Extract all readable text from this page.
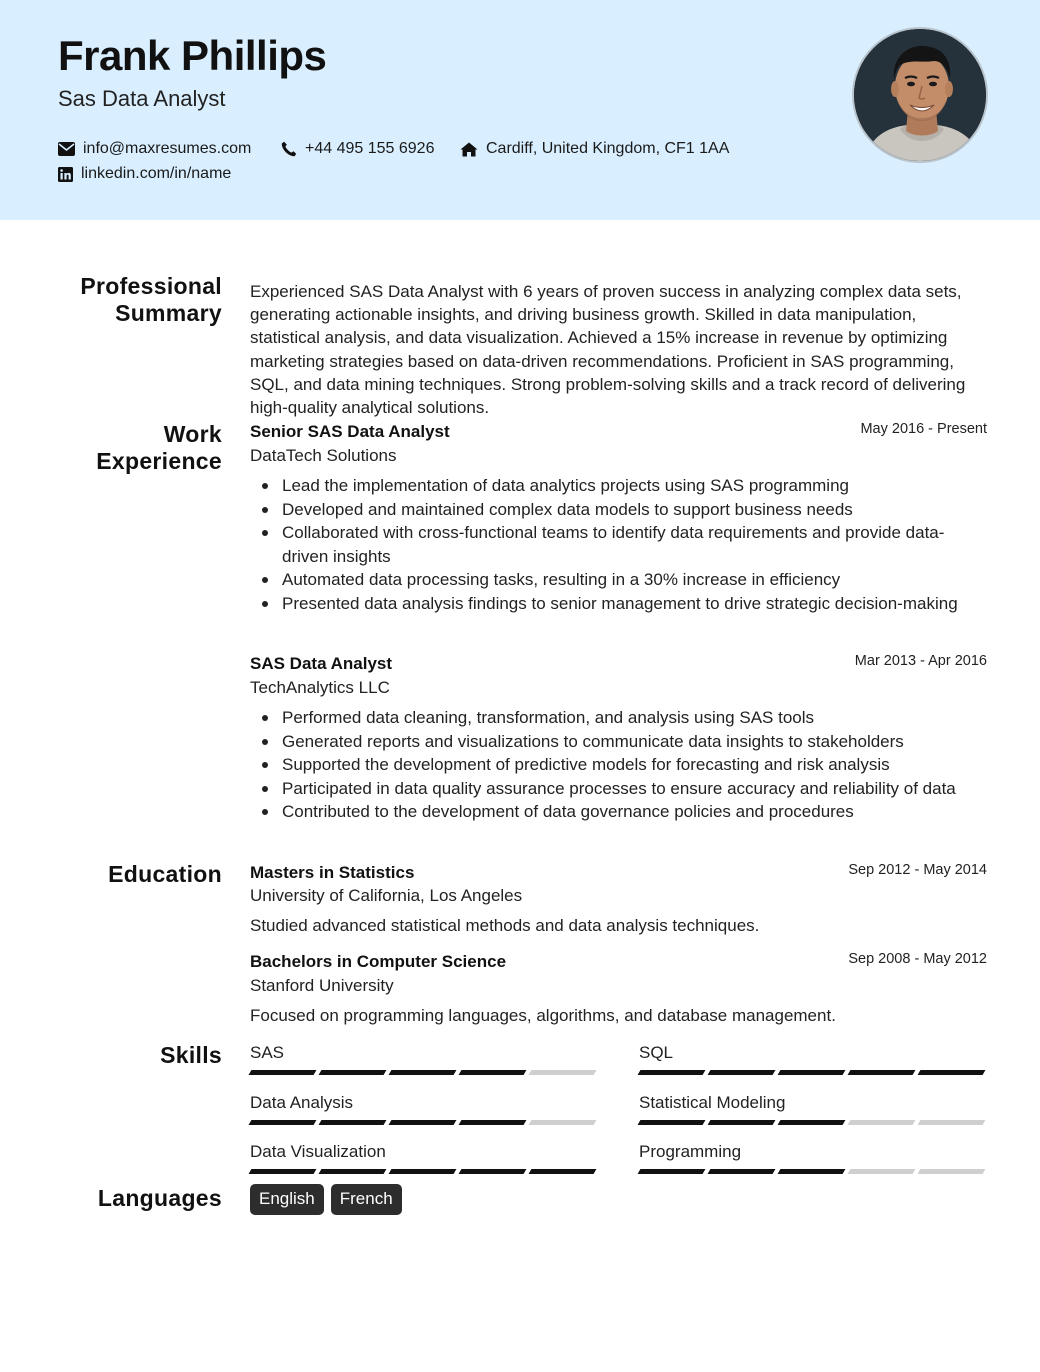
Frank Phillips
Sas Data Analyst
info@maxresumes.com	+44 495 155 6926	Cardiff, United Kingdom, CF1 1AA
linkedin.com/in/name
Professional
Summary
Experienced SAS Data Analyst with 6 years of proven success in analyzing complex data sets, generating actionable insights, and driving business growth. Skilled in data manipulation, statistical analysis, and data visualization. Achieved a 15% increase in revenue by optimizing marketing strategies based on data-driven recommendations. Proficient in SAS programming, SQL, and data mining techniques. Strong problem-solving skills and a track record of delivering high-quality analytical solutions.
Work
Experience
Senior SAS Data Analyst	May 2016 - Present
DataTech Solutions
Lead the implementation of data analytics projects using SAS programming
Developed and maintained complex data models to support business needs
Collaborated with cross-functional teams to identify data requirements and provide data-driven insights
Automated data processing tasks, resulting in a 30% increase in efficiency
Presented data analysis findings to senior management to drive strategic decision-making
SAS Data Analyst	Mar 2013 - Apr 2016
TechAnalytics LLC
Performed data cleaning, transformation, and analysis using SAS tools
Generated reports and visualizations to communicate data insights to stakeholders
Supported the development of predictive models for forecasting and risk analysis
Participated in data quality assurance processes to ensure accuracy and reliability of data
Contributed to the development of data governance policies and procedures
Education Masters in Statistics	Sep 2012 - May 2014
University of California, Los Angeles
Studied advanced statistical methods and data analysis techniques.
Bachelors in Computer Science	Sep 2008 - May 2012
Stanford University
Focused on programming languages, algorithms, and database management.
Skills SAS	SQL
Data Analysis	Statistical Modeling
Data Visualization	Programming
Languages	English	French
